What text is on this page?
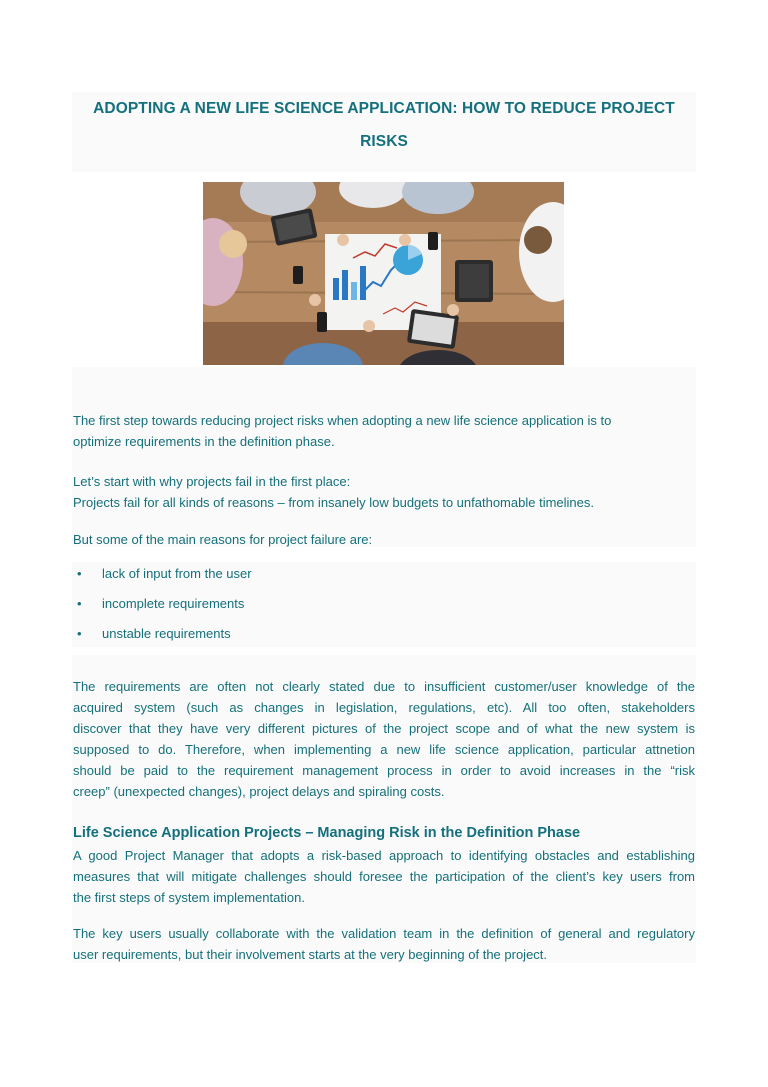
ADOPTING A NEW LIFE SCIENCE APPLICATION: HOW TO REDUCE PROJECT
RISKS
The first step towards reducing project risks when adopting a new life science application is to
optimize requirements in the definition phase.
Let’s start with why projects fail in the first place:
Projects fail for all kinds of reasons – from insanely low budgets to unfathomable timelines.
But some of the main reasons for project failure are:
• lack of input from the user
• incomplete requirements
• unstable requirements
The requirements are often not clearly stated due to insufficient customer/user knowledge of the
acquired system (such as changes in legislation, regulations, etc). All too often, stakeholders
discover that they have very different pictures of the project scope and of what the new system is
supposed to do. Therefore, when implementing a new life science application, particular attnetion
should be paid to the requirement management process in order to avoid increases in the “risk
creep” (unexpected changes), project delays and spiraling costs.
Life Science Application Projects – Managing Risk in the Definition Phase
A good Project Manager that adopts a risk-based approach to identifying obstacles and establishing
measures that will mitigate challenges should foresee the participation of the client’s key users from
the first steps of system implementation.
The key users usually collaborate with the validation team in the definition of general and regulatory
user requirements, but their involvement starts at the very beginning of the project.
